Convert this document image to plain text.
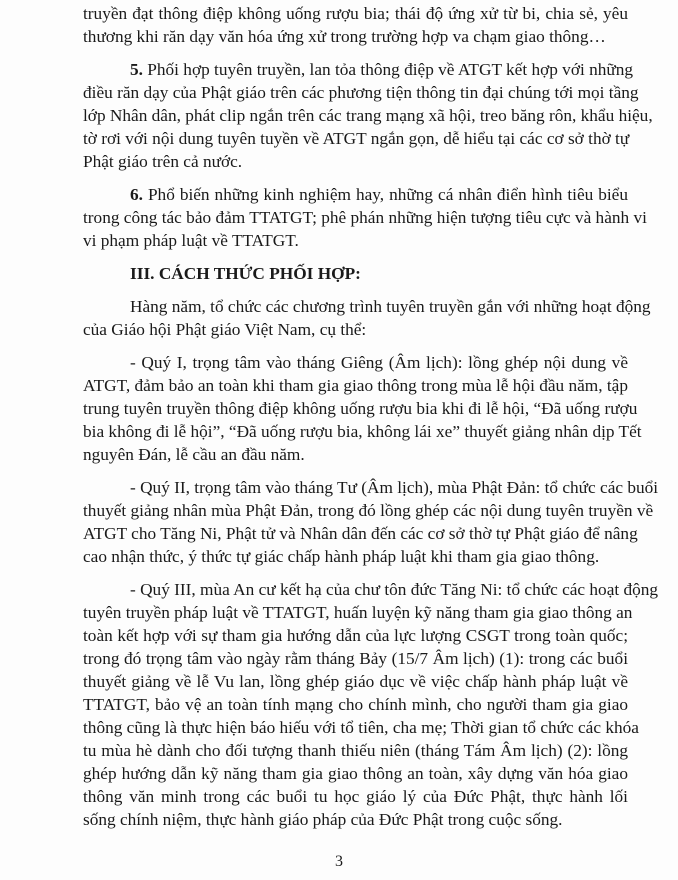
truyền đạt thông điệp không uống rượu bia; thái độ ứng xử từ bi, chia sẻ, yêu
thương khi răn dạy văn hóa ứng xử trong trường hợp va chạm giao thông…
5. Phối hợp tuyên truyền, lan tỏa thông điệp về ATGT kết hợp với những
điều răn dạy của Phật giáo trên các phương tiện thông tin đại chúng tới mọi tầng
lớp Nhân dân, phát clip ngắn trên các trang mạng xã hội, treo băng rôn, khẩu hiệu,
tờ rơi với nội dung tuyên tuyền về ATGT ngắn gọn, dễ hiểu tại các cơ sở thờ tự
Phật giáo trên cả nước.
6. Phổ biến những kinh nghiệm hay, những cá nhân điển hình tiêu biểu
trong công tác bảo đảm TTATGT; phê phán những hiện tượng tiêu cực và hành vi
vi phạm pháp luật về TTATGT.
III. CÁCH THỨC PHỐI HỢP:
Hàng năm, tổ chức các chương trình tuyên truyền gắn với những hoạt động
của Giáo hội Phật giáo Việt Nam, cụ thể:
- Quý I, trọng tâm vào tháng Giêng (Âm lịch): lồng ghép nội dung về
ATGT, đảm bảo an toàn khi tham gia giao thông trong mùa lễ hội đầu năm, tập
trung tuyên truyền thông điệp không uống rượu bia khi đi lễ hội, “Đã uống rượu
bia không đi lễ hội”, “Đã uống rượu bia, không lái xe” thuyết giảng nhân dịp Tết
nguyên Đán, lễ cầu an đầu năm.
- Quý II, trọng tâm vào tháng Tư (Âm lịch), mùa Phật Đản: tổ chức các buổi
thuyết giảng nhân mùa Phật Đản, trong đó lồng ghép các nội dung tuyên truyền về
ATGT cho Tăng Ni, Phật tử và Nhân dân đến các cơ sở thờ tự Phật giáo để nâng
cao nhận thức, ý thức tự giác chấp hành pháp luật khi tham gia giao thông.
- Quý III, mùa An cư kết hạ của chư tôn đức Tăng Ni: tổ chức các hoạt động
tuyên truyền pháp luật về TTATGT, huấn luyện kỹ năng tham gia giao thông an
toàn kết hợp với sự tham gia hướng dẫn của lực lượng CSGT trong toàn quốc;
trong đó trọng tâm vào ngày rằm tháng Bảy (15/7 Âm lịch) (1): trong các buổi
thuyết giảng về lễ Vu lan, lồng ghép giáo dục về việc chấp hành pháp luật về
TTATGT, bảo vệ an toàn tính mạng cho chính mình, cho người tham gia giao
thông cũng là thực hiện báo hiếu với tổ tiên, cha mẹ; Thời gian tổ chức các khóa
tu mùa hè dành cho đối tượng thanh thiếu niên (tháng Tám Âm lịch) (2): lồng
ghép hướng dẫn kỹ năng tham gia giao thông an toàn, xây dựng văn hóa giao
thông văn minh trong các buổi tu học giáo lý của Đức Phật, thực hành lối
sống chính niệm, thực hành giáo pháp của Đức Phật trong cuộc sống.
3
